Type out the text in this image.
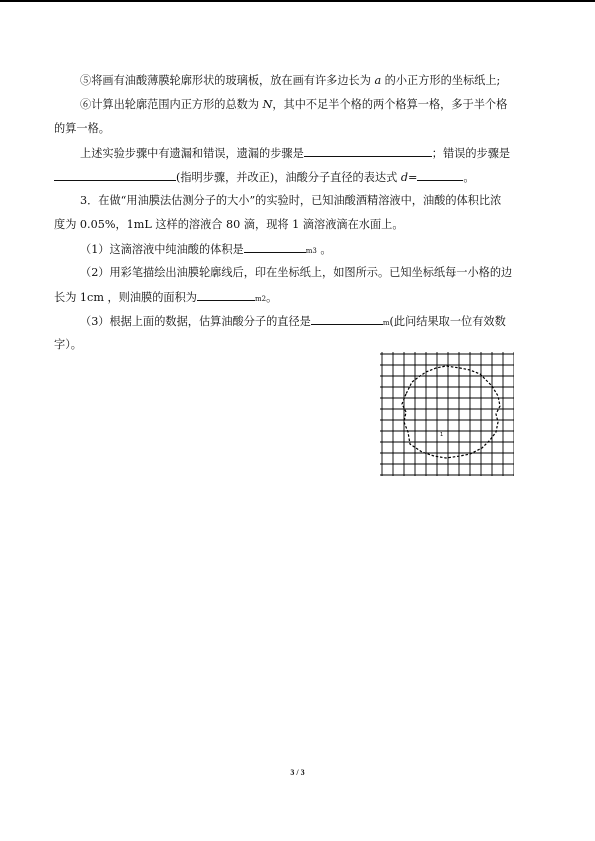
⑤将画有油酸薄膜轮廓形状的玻璃板，放在画有许多边长为 a 的小正方形的坐标纸上;
⑥计算出轮廓范围内正方形的总数为 N，其中不足半个格的两个格算一格，多于半个格
的算一格。
上述实验步骤中有遗漏和错误，遗漏的步骤是	；错误的步骤是
(指明步骤，并改正)，油酸分子直径的表达式 d=	。
3．在做“用油膜法估测分子的大小”的实验时，已知油酸酒精溶液中，油酸的体积比浓
度为 0.05%，1mL 这样的溶液合 80 滴，现将 1 滴溶液滴在水面上。
（1）这滴溶液中纯油酸的体积是	m3 。
（2）用彩笔描绘出油膜轮廓线后，印在坐标纸上，如图所示。已知坐标纸每一小格的边
长为 1cm ，则油膜的面积为	m2。
（3）根据上面的数据，估算油酸分子的直径是	m(此问结果取一位有效数
字）。
1
3 / 3
